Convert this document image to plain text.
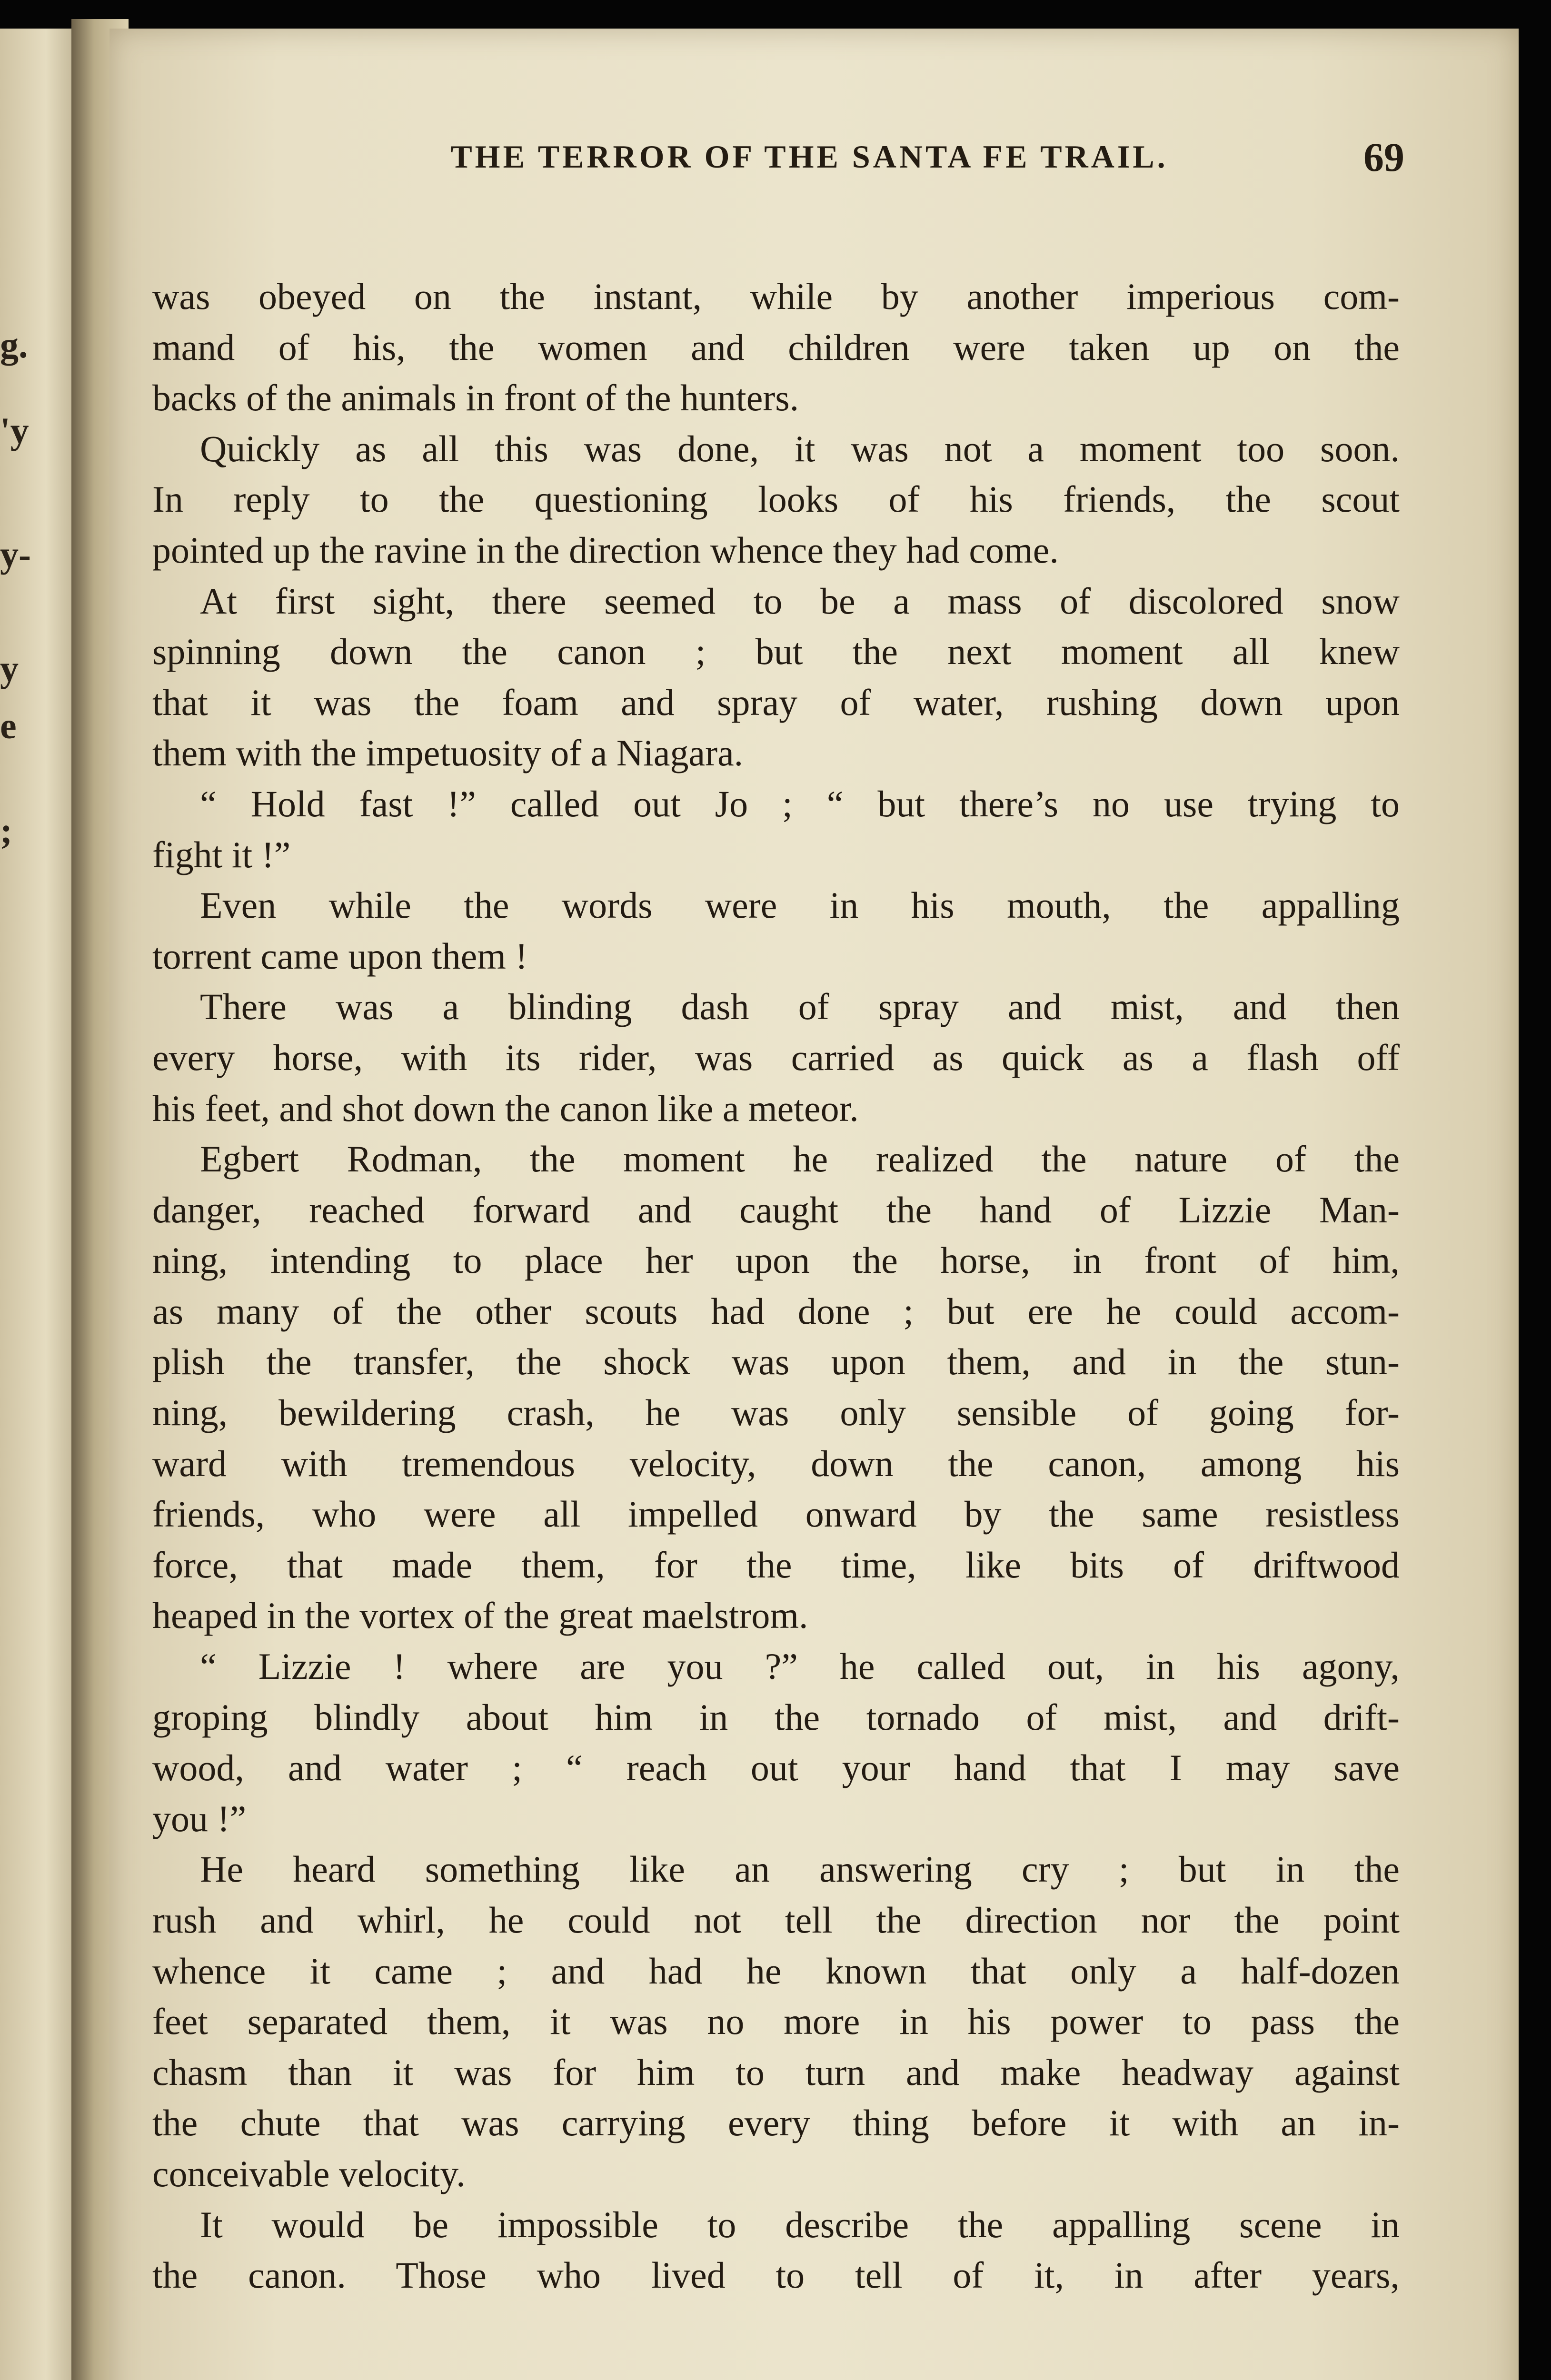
g.
'y
y-
y
e
;
THE TERROR OF THE SANTA FE TRAIL.	69
was obeyed on the instant, while by another imperious com-
mand of his, the women and children were taken up on the
backs of the animals in front of the hunters.
Quickly as all this was done, it was not a moment too soon.
In reply to the questioning looks of his friends, the scout
pointed up the ravine in the direction whence they had come.
At first sight, there seemed to be a mass of discolored snow
spinning down the canon ; but the next moment all knew
that it was the foam and spray of water, rushing down upon
them with the impetuosity of a Niagara.
“ Hold fast !” called out Jo ; “ but there’s no use trying to
fight it !”
Even while the words were in his mouth, the appalling
torrent came upon them !
There was a blinding dash of spray and mist, and then
every horse, with its rider, was carried as quick as a flash off
his feet, and shot down the canon like a meteor.
Egbert Rodman, the moment he realized the nature of the
danger, reached forward and caught the hand of Lizzie Man-
ning, intending to place her upon the horse, in front of him,
as many of the other scouts had done ; but ere he could accom-
plish the transfer, the shock was upon them, and in the stun-
ning, bewildering crash, he was only sensible of going for-
ward with tremendous velocity, down the canon, among his
friends, who were all impelled onward by the same resistless
force, that made them, for the time, like bits of driftwood
heaped in the vortex of the great maelstrom.
“ Lizzie ! where are you ?” he called out, in his agony,
groping blindly about him in the tornado of mist, and drift-
wood, and water ; “ reach out your hand that I may save
you !”
He heard something like an answering cry ; but in the
rush and whirl, he could not tell the direction nor the point
whence it came ; and had he known that only a half-dozen
feet separated them, it was no more in his power to pass the
chasm than it was for him to turn and make headway against
the chute that was carrying every thing before it with an in-
conceivable velocity.
It would be impossible to describe the appalling scene in
the canon. Those who lived to tell of it, in after years,
